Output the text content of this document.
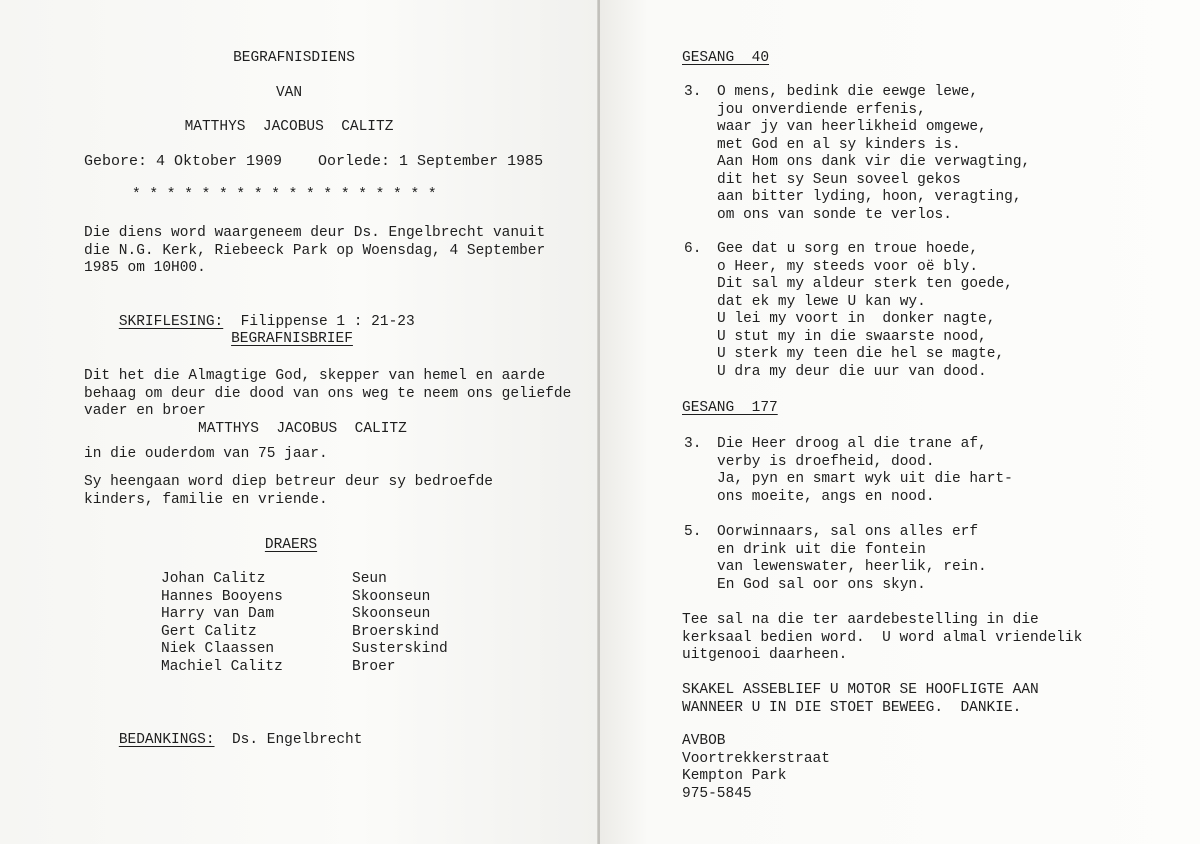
BEGRAFNISDIENS
VAN
MATTHYS  JACOBUS  CALITZ
Gebore: 4 Oktober 1909    Oorlede: 1 September 1985
* * * * * * * * * * * * * * * * * *
Die diens word waargeneem deur Ds. Engelbrecht vanuit
die N.G. Kerk, Riebeeck Park op Woensdag, 4 September
1985 om 10H00.

SKRIFLESING: Filippense 1 : 21-23

BEGRAFNISBRIEF
Dit het die Almagtige God, skepper van hemel en aarde
behaag om deur die dood van ons weg te neem ons geliefde
vader en broer
MATTHYS  JACOBUS  CALITZ
in die ouderdom van 75 jaar.
Sy heengaan word diep betreur deur sy bedroefde
kinders, familie en vriende.
DRAERS
Johan Calitz
Hannes Booyens
Harry van Dam
Gert Calitz
Niek Claassen
Machiel Calitz
Seun
Skoonseun
Skoonseun
Broerskind
Susterskind
Broer

BEDANKINGS: Ds. Engelbrecht

GESANG  40
3. O mens, bedink die eewge lewe,
jou onverdiende erfenis,
waar jy van heerlikheid omgewe,
met God en al sy kinders is.
Aan Hom ons dank vir die verwagting,
dit het sy Seun soveel gekos
aan bitter lyding, hoon, veragting,
om ons van sonde te verlos.
6. Gee dat u sorg en troue hoede,
o Heer, my steeds voor oë bly.
Dit sal my aldeur sterk ten goede,
dat ek my lewe U kan wy.
U lei my voort in  donker nagte,
U stut my in die swaarste nood,
U sterk my teen die hel se magte,
U dra my deur die uur van dood.
GESANG  177
3. Die Heer droog al die trane af,
verby is droefheid, dood.
Ja, pyn en smart wyk uit die hart-
ons moeite, angs en nood.
5. Oorwinnaars, sal ons alles erf
en drink uit die fontein
van lewenswater, heerlik, rein.
En God sal oor ons skyn.
Tee sal na die ter aardebestelling in die
kerksaal bedien word.  U word almal vriendelik
uitgenooi daarheen.
SKAKEL ASSEBLIEF U MOTOR SE HOOFLIGTE AAN
WANNEER U IN DIE STOET BEWEEG.  DANKIE.
AVBOB
Voortrekkerstraat
Kempton Park
975-5845
